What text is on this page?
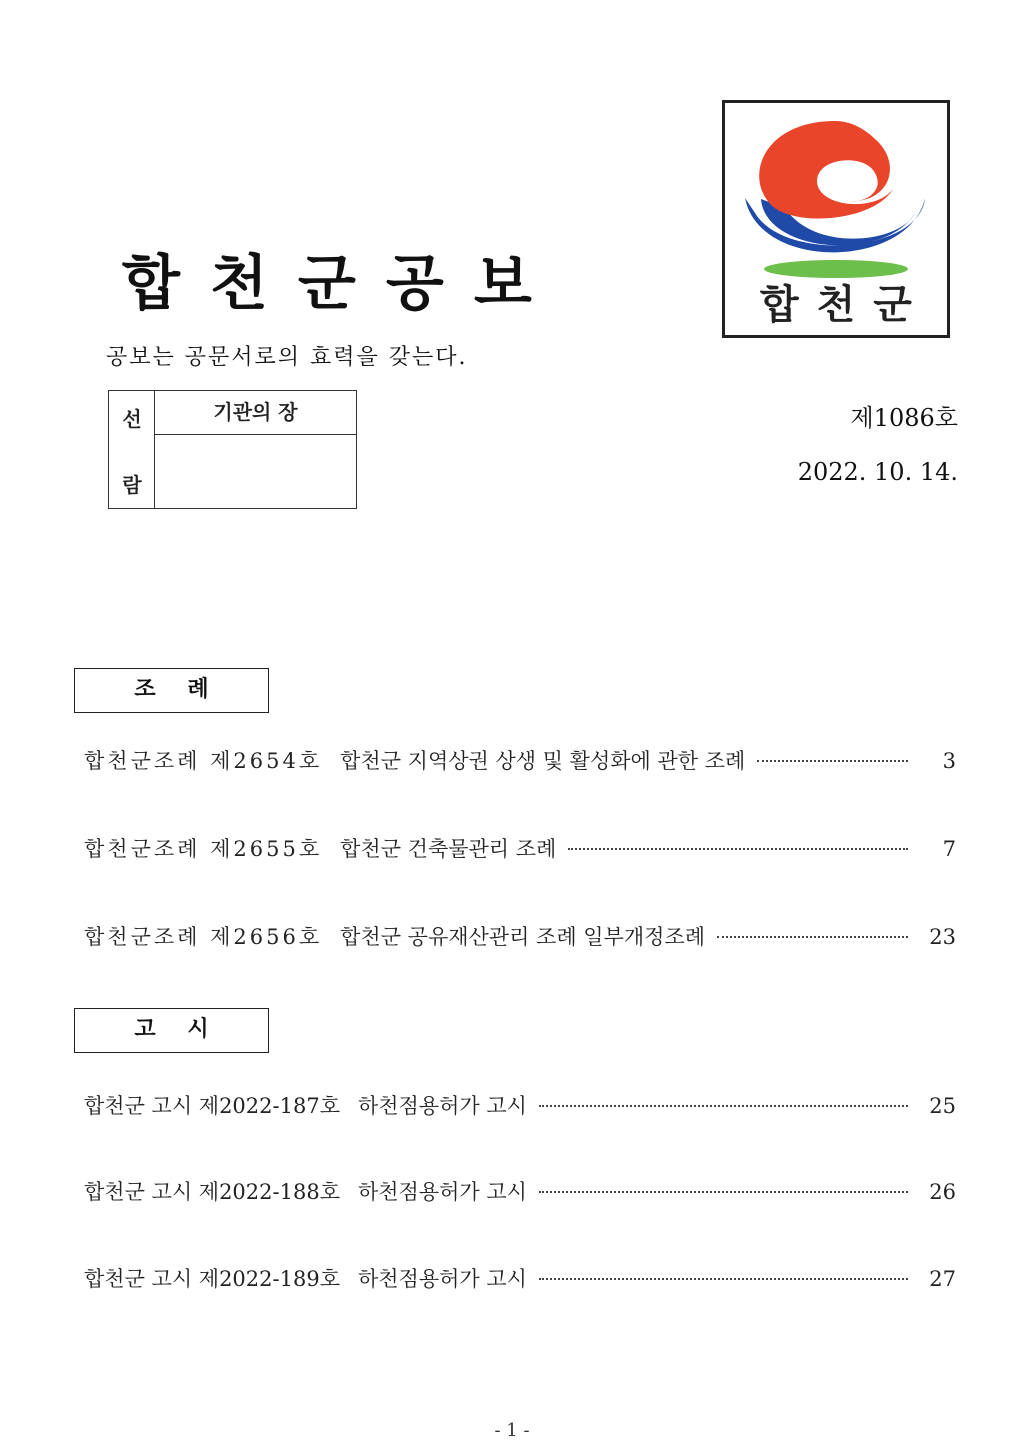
합천군공보
공보는 공문서로의 효력을 갖는다.
합천군
선
람
기관의 장	제1086호
2022. 10. 14.
조 례
합천군조례 제2654호 합천군 지역상권 상생 및 활성화에 관한 조례	3
합천군조례 제2655호 합천군 건축물관리 조례	7
합천군조례 제2656호 합천군 공유재산관리 조례 일부개정조례	23
고 시
합천군 고시 제2022-187호 하천점용허가 고시	25
합천군 고시 제2022-188호 하천점용허가 고시	26
합천군 고시 제2022-189호 하천점용허가 고시	27
- 1 -
